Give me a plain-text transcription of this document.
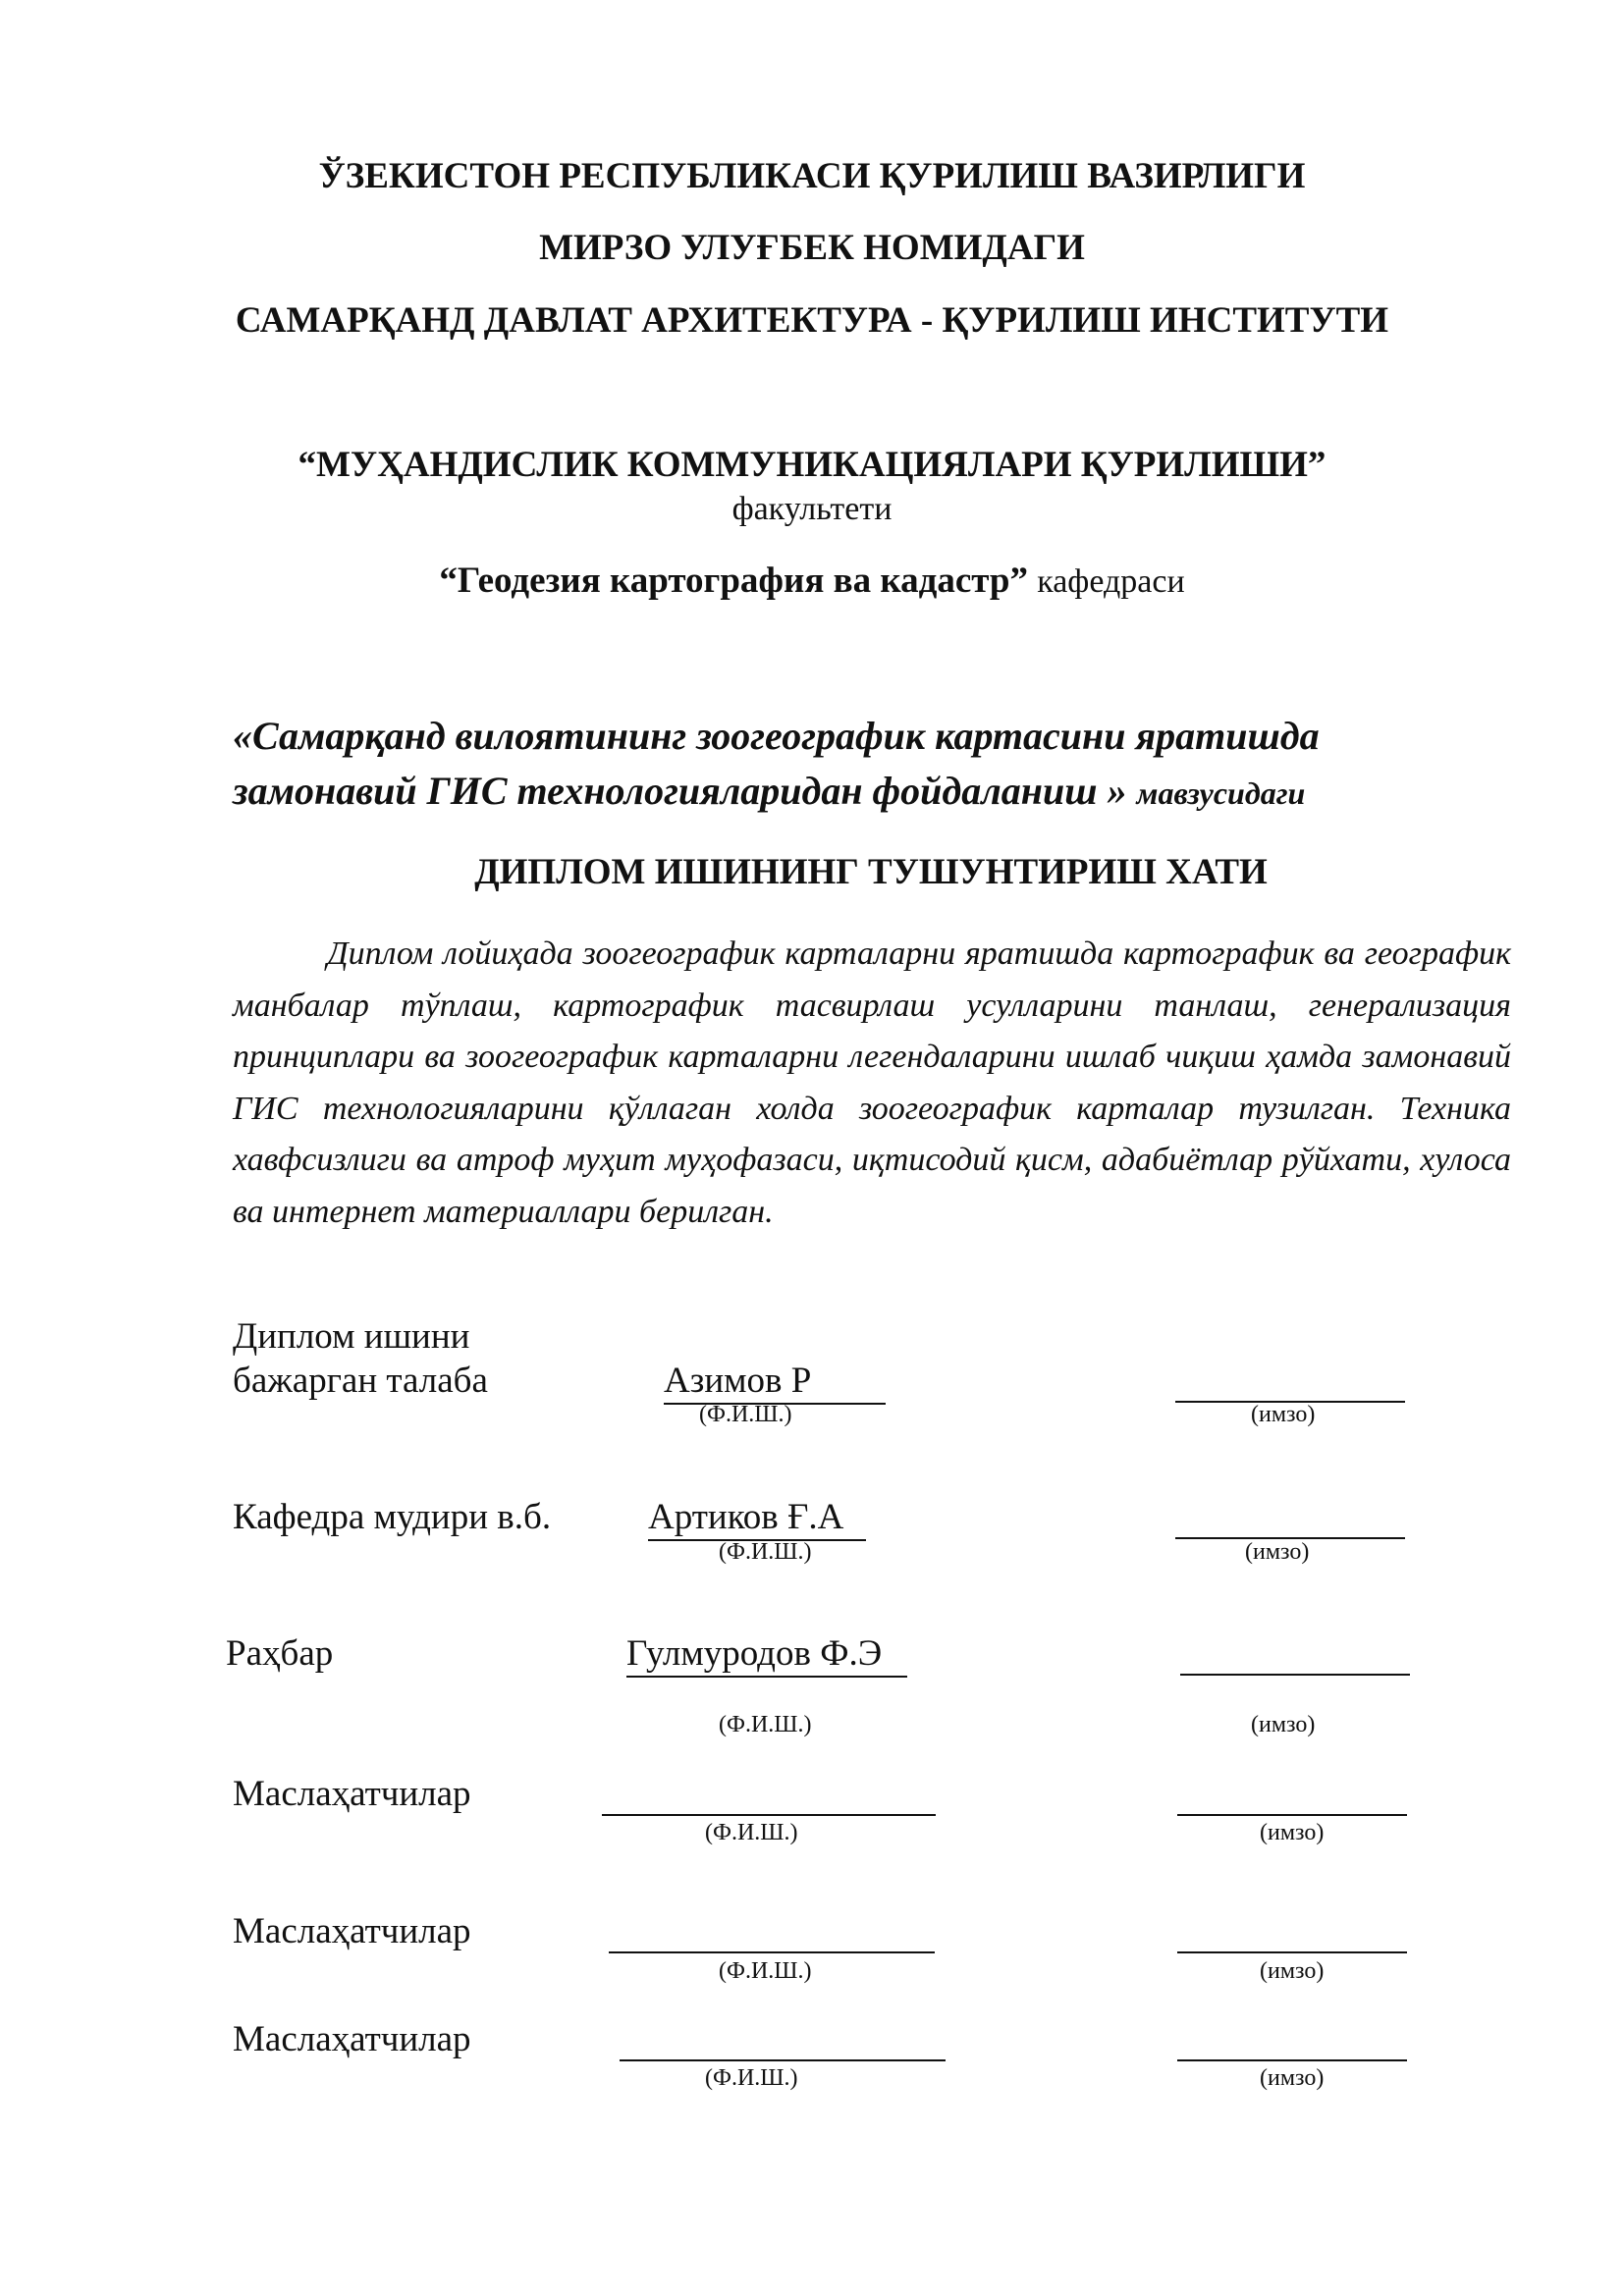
ЎЗЕКИСТОН РЕСПУБЛИКАСИ ҚУРИЛИШ ВАЗИРЛИГИ
МИРЗО УЛУҒБЕК НОМИДАГИ
САМАРҚАНД ДАВЛАТ АРХИТЕКТУРА - ҚУРИЛИШ ИНСТИТУТИ
“МУҲАНДИСЛИК КОММУНИКАЦИЯЛАРИ ҚУРИЛИШИ”
факультети
“Геодезия картография ва кадастр” кафедраси
«Самарқанд вилоятининг зоогеографик картасини яратишда
замонавий ГИС технологияларидан фойдаланиш » мавзусидаги
ДИПЛОМ ИШИНИНГ ТУШУНТИРИШ ХАТИ

Диплом лойиҳада зоогеографик карталарни яратишда картографик ва географик манбалар тўплаш, картографик тасвирлаш усулларини танлаш, генерализация принциплари ва зоогеографик карталарни легендаларини ишлаб чиқиш ҳамда замонавий ГИС технологияларини қўллаган холда зоогеографик карталар тузилган. Техника хавфсизлиги ва атроф муҳит муҳофазаси, иқтисодий қисм, адабиётлар рўйхати, хулоса ва интернет материаллари берилган.

Диплом ишини
бажарган талаба	Азимов Р
(Ф.И.Ш.)	(имзо)
Кафедра мудири в.б.	Артиков Ғ.А
(Ф.И.Ш.)	(имзо)
Раҳбар	Гулмуродов Ф.Э
(Ф.И.Ш.)	(имзо)
Маслаҳатчилар
(Ф.И.Ш.)	(имзо)
Маслаҳатчилар
(Ф.И.Ш.)	(имзо)
Маслаҳатчилар
(Ф.И.Ш.)	(имзо)
